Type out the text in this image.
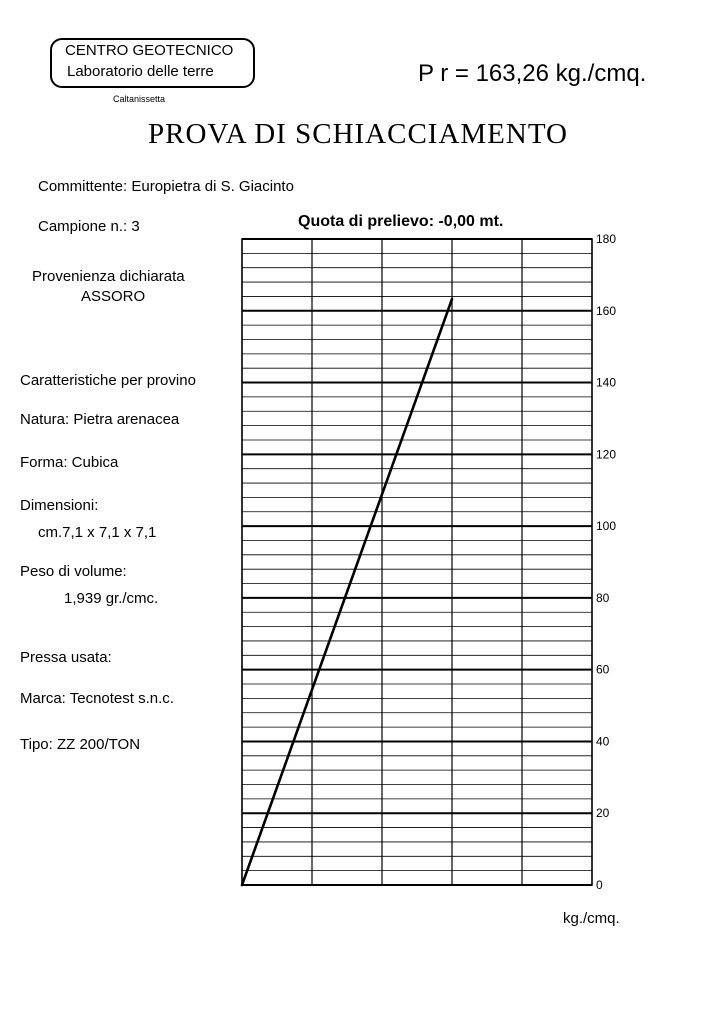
CENTRO GEOTECNICO
Laboratorio delle terre
Caltanissetta
P r = 163,26 kg./cmq.
PROVA DI SCHIACCIAMENTO
Committente: Europietra di S. Giacinto
Campione n.: 3
Provenienza dichiarata
ASSORO
Caratteristiche per provino
Natura: Pietra arenacea
Forma: Cubica
Dimensioni:
cm.7,1 x 7,1 x 7,1
Peso di volume:
1,939 gr./cmc.
Pressa usata:
Marca: Tecnotest s.n.c.
Tipo: ZZ 200/TON
Quota di prelievo: -0,00 mt.
kg./cmq.
0
20
40
60
80
100
120
140
160
180
